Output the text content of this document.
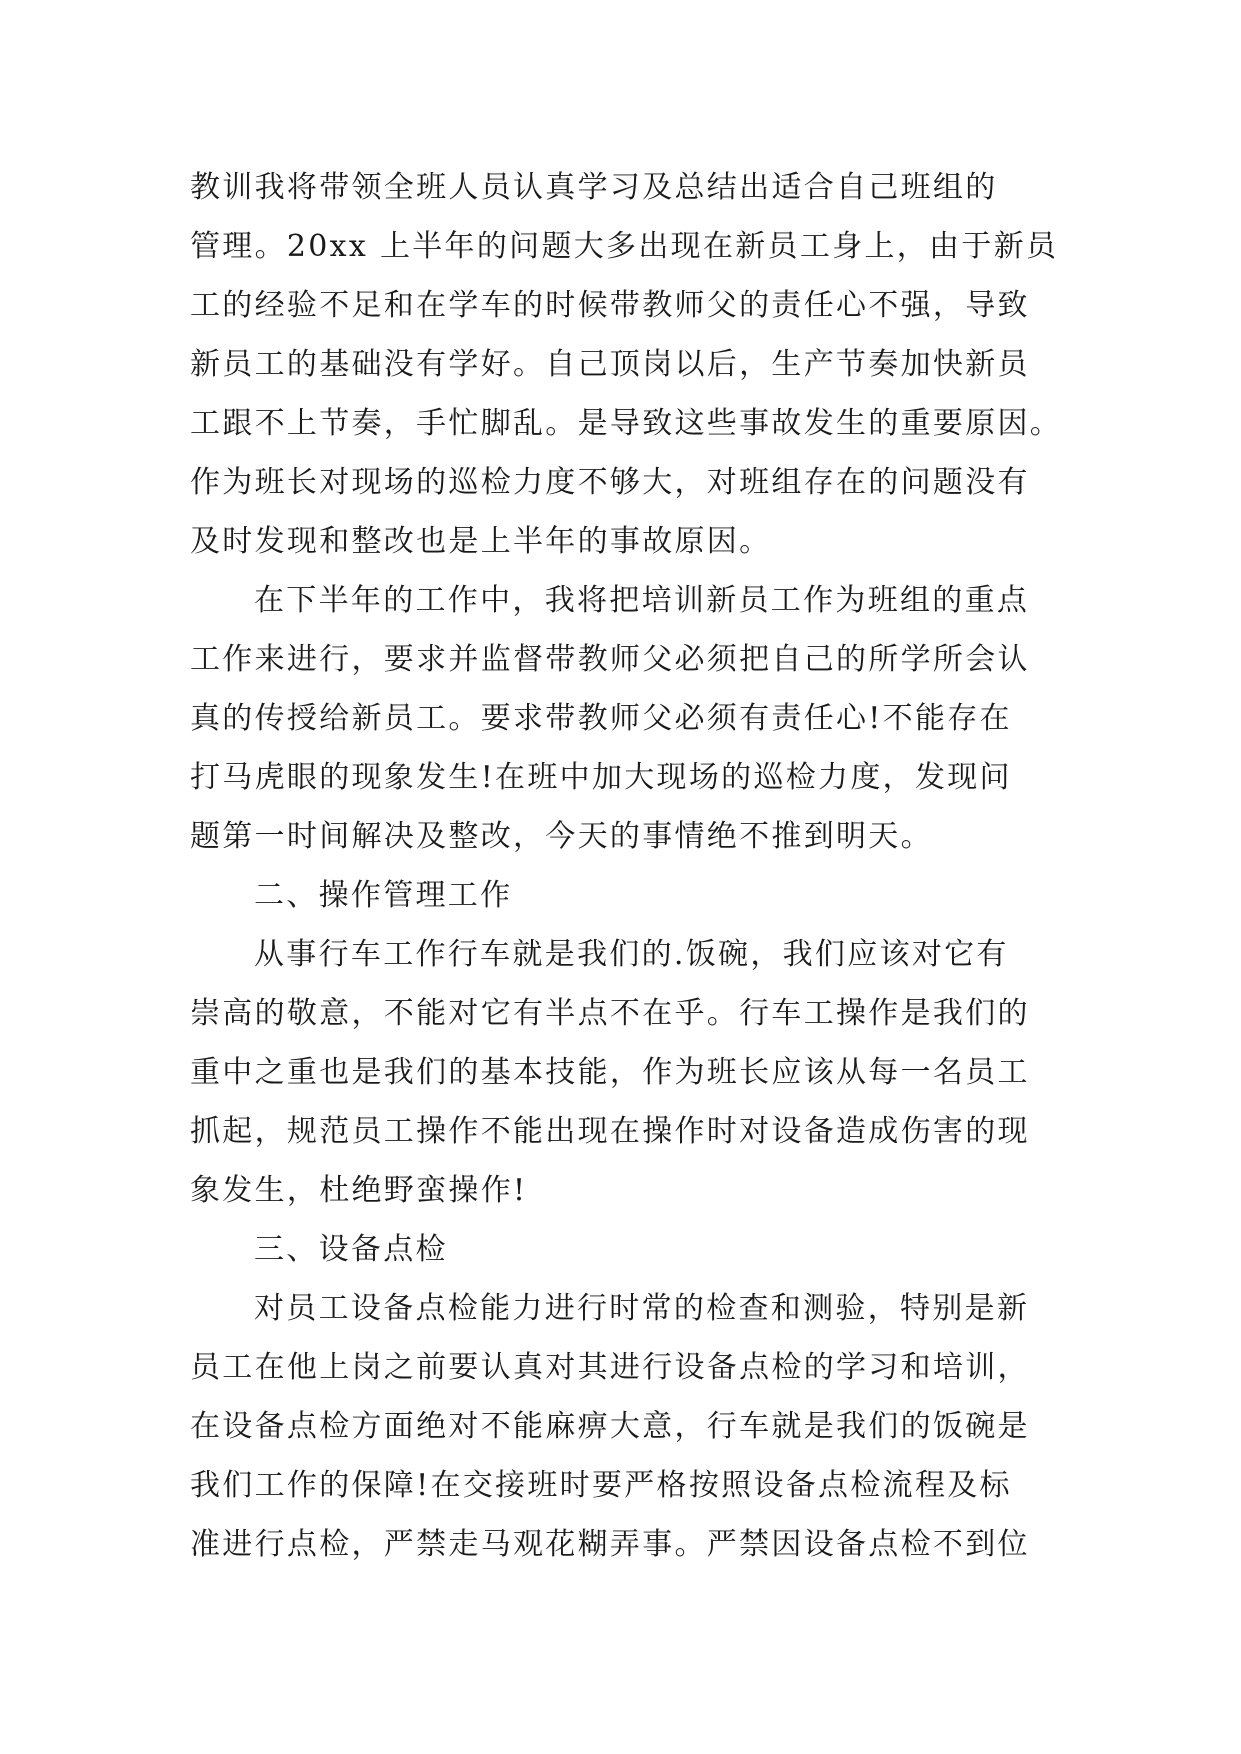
教训我将带领全班人员认真学习及总结出适合自己班组的
管理。20xx 上半年的问题大多出现在新员工身上，由于新员
工的经验不足和在学车的时候带教师父的责任心不强，导致
新员工的基础没有学好。自己顶岗以后，生产节奏加快新员
工跟不上节奏，手忙脚乱。是导致这些事故发生的重要原因。
作为班长对现场的巡检力度不够大，对班组存在的问题没有
及时发现和整改也是上半年的事故原因。
在下半年的工作中，我将把培训新员工作为班组的重点
工作来进行，要求并监督带教师父必须把自己的所学所会认
真的传授给新员工。要求带教师父必须有责任心!不能存在
打马虎眼的现象发生!在班中加大现场的巡检力度，发现问
题第一时间解决及整改，今天的事情绝不推到明天。
二、操作管理工作
从事行车工作行车就是我们的.饭碗，我们应该对它有
崇高的敬意，不能对它有半点不在乎。行车工操作是我们的
重中之重也是我们的基本技能，作为班长应该从每一名员工
抓起，规范员工操作不能出现在操作时对设备造成伤害的现
象发生，杜绝野蛮操作!
三、设备点检
对员工设备点检能力进行时常的检查和测验，特别是新
员工在他上岗之前要认真对其进行设备点检的学习和培训，
在设备点检方面绝对不能麻痹大意，行车就是我们的饭碗是
我们工作的保障!在交接班时要严格按照设备点检流程及标
准进行点检，严禁走马观花糊弄事。严禁因设备点检不到位
